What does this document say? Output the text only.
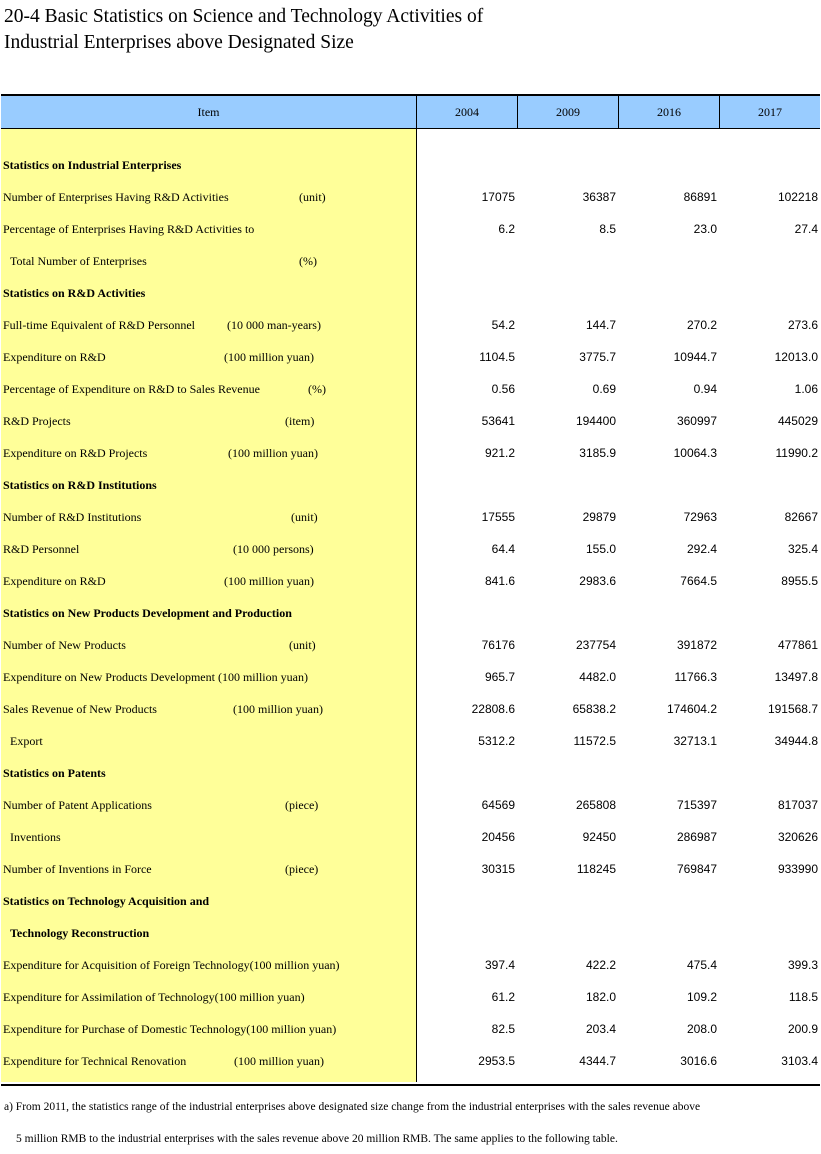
20-4 Basic Statistics on Science and Technology Activities of
Industrial Enterprises above Designated Size
Item	2004	2009	2016	2017
Statistics on Industrial Enterprises
Number of Enterprises Having R&D Activities	(unit)	17075	36387	86891	102218
Percentage of Enterprises Having R&D Activities to	6.2	8.5	23.0	27.4
Total Number of Enterprises	(%)
Statistics on R&D Activities
Full-time Equivalent of R&D Personnel	(10 000 man-years)	54.2	144.7	270.2	273.6
Expenditure on R&D	(100 million yuan)	1104.5	3775.7	10944.7	12013.0
Percentage of Expenditure on R&D to Sales Revenue	(%)	0.56	0.69	0.94	1.06
R&D Projects	(item)	53641	194400	360997	445029
Expenditure on R&D Projects	(100 million yuan)	921.2	3185.9	10064.3	11990.2
Statistics on R&D Institutions
Number of R&D Institutions	(unit)	17555	29879	72963	82667
R&D Personnel	(10 000 persons)	64.4	155.0	292.4	325.4
Expenditure on R&D	(100 million yuan)	841.6	2983.6	7664.5	8955.5
Statistics on New Products Development and Production
Number of New Products	(unit)	76176	237754	391872	477861
Expenditure on New Products Development (100 million yuan)	965.7	4482.0	11766.3	13497.8
Sales Revenue of New Products	(100 million yuan)	22808.6	65838.2	174604.2	191568.7
Export	5312.2	11572.5	32713.1	34944.8
Statistics on Patents
Number of Patent Applications	(piece)	64569	265808	715397	817037
Inventions	20456	92450	286987	320626
Number of Inventions in Force	(piece)	30315	118245	769847	933990
Statistics on Technology Acquisition and
Technology Reconstruction
Expenditure for Acquisition of Foreign Technology(100 million yuan)	397.4	422.2	475.4	399.3
Expenditure for Assimilation of Technology(100 million yuan)	61.2	182.0	109.2	118.5
Expenditure for Purchase of Domestic Technology(100 million yuan)	82.5	203.4	208.0	200.9
Expenditure for Technical Renovation	(100 million yuan)	2953.5	4344.7	3016.6	3103.4
a) From 2011, the statistics range of the industrial enterprises above designated size change from the industrial enterprises with the sales revenue above
5 million RMB to the industrial enterprises with the sales revenue above 20 million RMB. The same applies to the following table.
